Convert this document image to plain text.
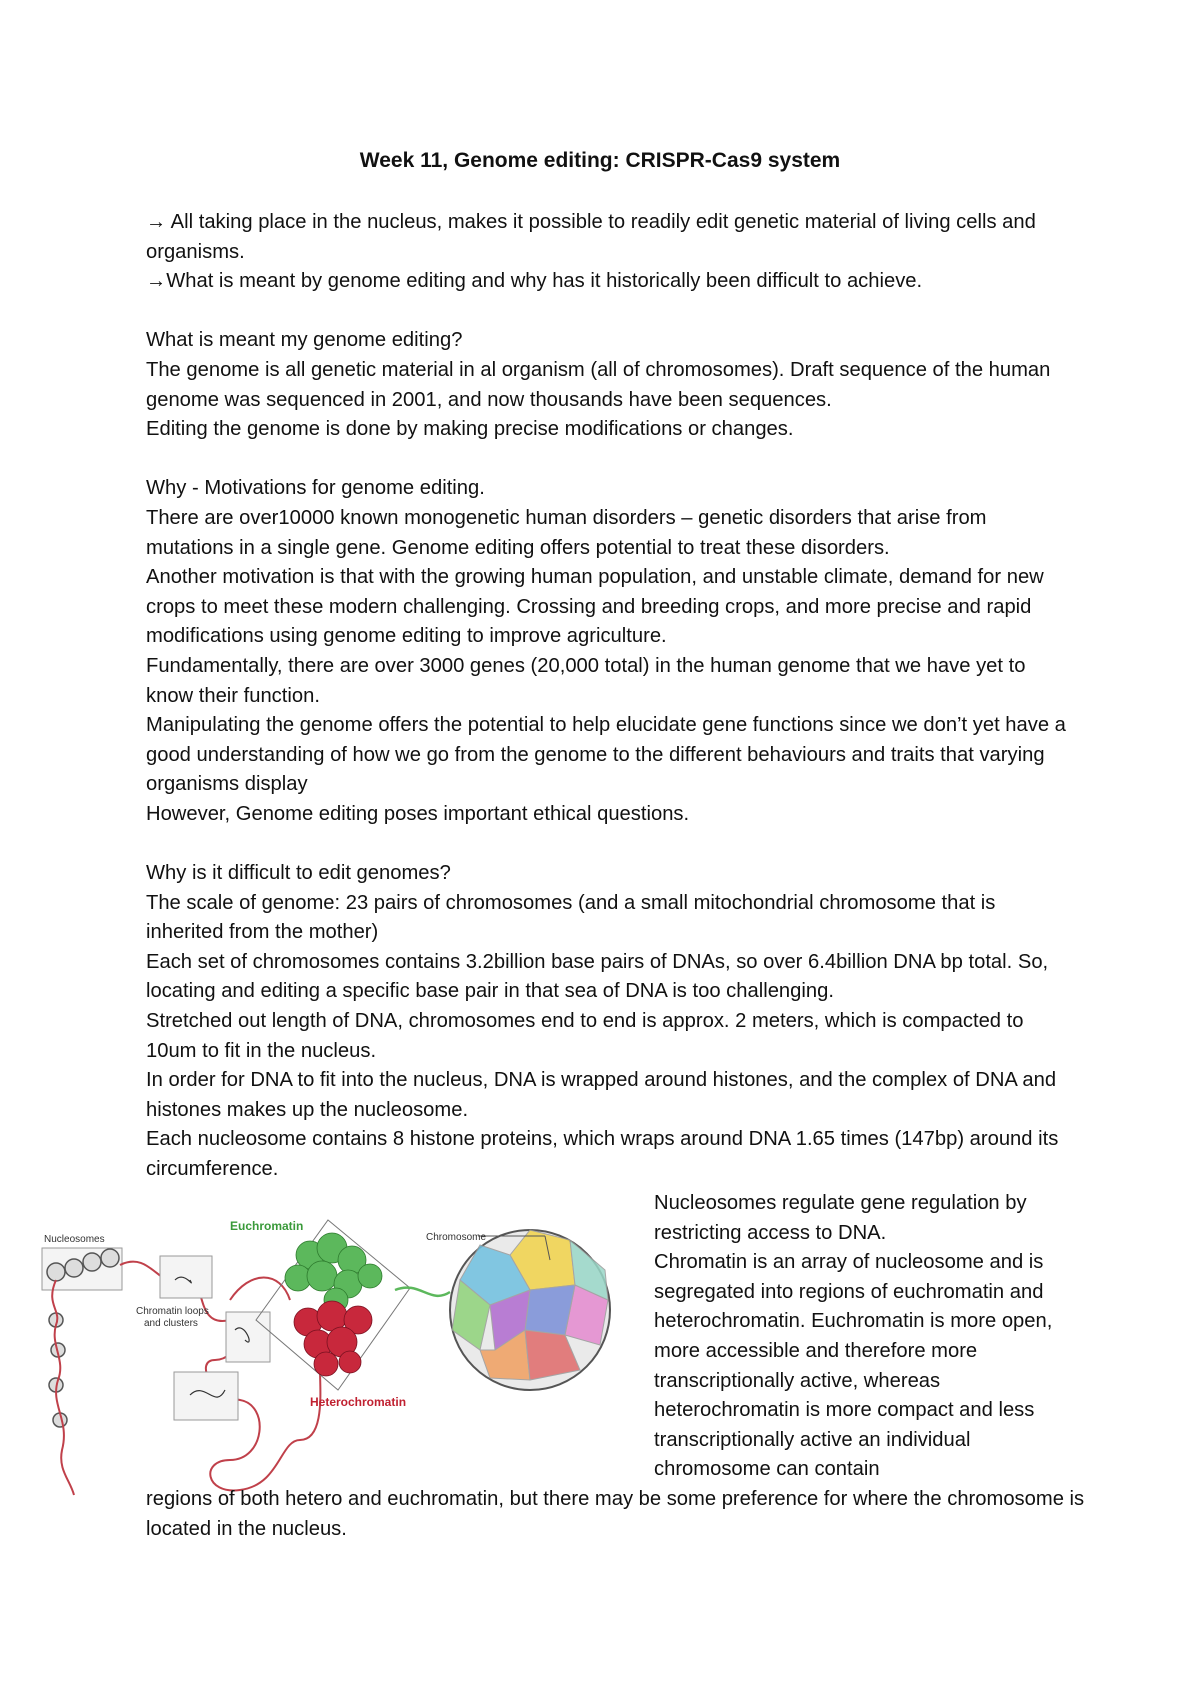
Week 11, Genome editing: CRISPR-Cas9 system

→ All taking place in the nucleus, makes it possible to readily edit genetic material of living cells and organisms.

→What is meant by genome editing and why has it historically been difficult to achieve.

What is meant my genome editing?

The genome is all genetic material in al organism (all of chromosomes). Draft sequence of the human genome was sequenced in 2001, and now thousands have been sequences.

Editing the genome is done by making precise modifications or changes.

Why - Motivations for genome editing.

There are over10000 known monogenetic human disorders – genetic disorders that arise from mutations in a single gene. Genome editing offers potential to treat these disorders.

Another motivation is that with the growing human population, and unstable climate, demand for new crops to meet these modern challenging. Crossing and breeding crops, and more precise and rapid modifications using genome editing to improve agriculture.

Fundamentally, there are over 3000 genes (20,000 total) in the human genome that we have yet to know their function.

Manipulating the genome offers the potential to help elucidate gene functions since we don’t yet have a good understanding of how we go from the genome to the different behaviours and traits that varying organisms display

However, Genome editing poses important ethical questions.

Why is it difficult to edit genomes?

The scale of genome: 23 pairs of chromosomes (and a small mitochondrial chromosome that is inherited from the mother)

Each set of chromosomes contains 3.2billion base pairs of DNAs, so over 6.4billion DNA bp total. So, locating and editing a specific base pair in that sea of DNA is too challenging.

Stretched out length of DNA, chromosomes end to end is approx. 2 meters, which is compacted to 10um to fit in the nucleus.

In order for DNA to fit into the nucleus, DNA is wrapped around histones, and the complex of DNA and histones makes up the nucleosome.

Each nucleosome contains 8 histone proteins, which wraps around DNA 1.65 times (147bp) around its circumference.

Nucleosomes
Euchromatin
Chromosome
Chromatin loops
and clusters
Heterochromatin

Nucleosomes regulate gene regulation by restricting access to DNA.

Chromatin is an array of nucleosome and is segregated into regions of euchromatin and heterochromatin. Euchromatin is more open, more accessible and therefore more transcriptionally active, whereas heterochromatin is more compact and less transcriptionally active an individual chromosome can contain

regions of both hetero and euchromatin, but there may be some preference for where the chromosome is located in the nucleus.
